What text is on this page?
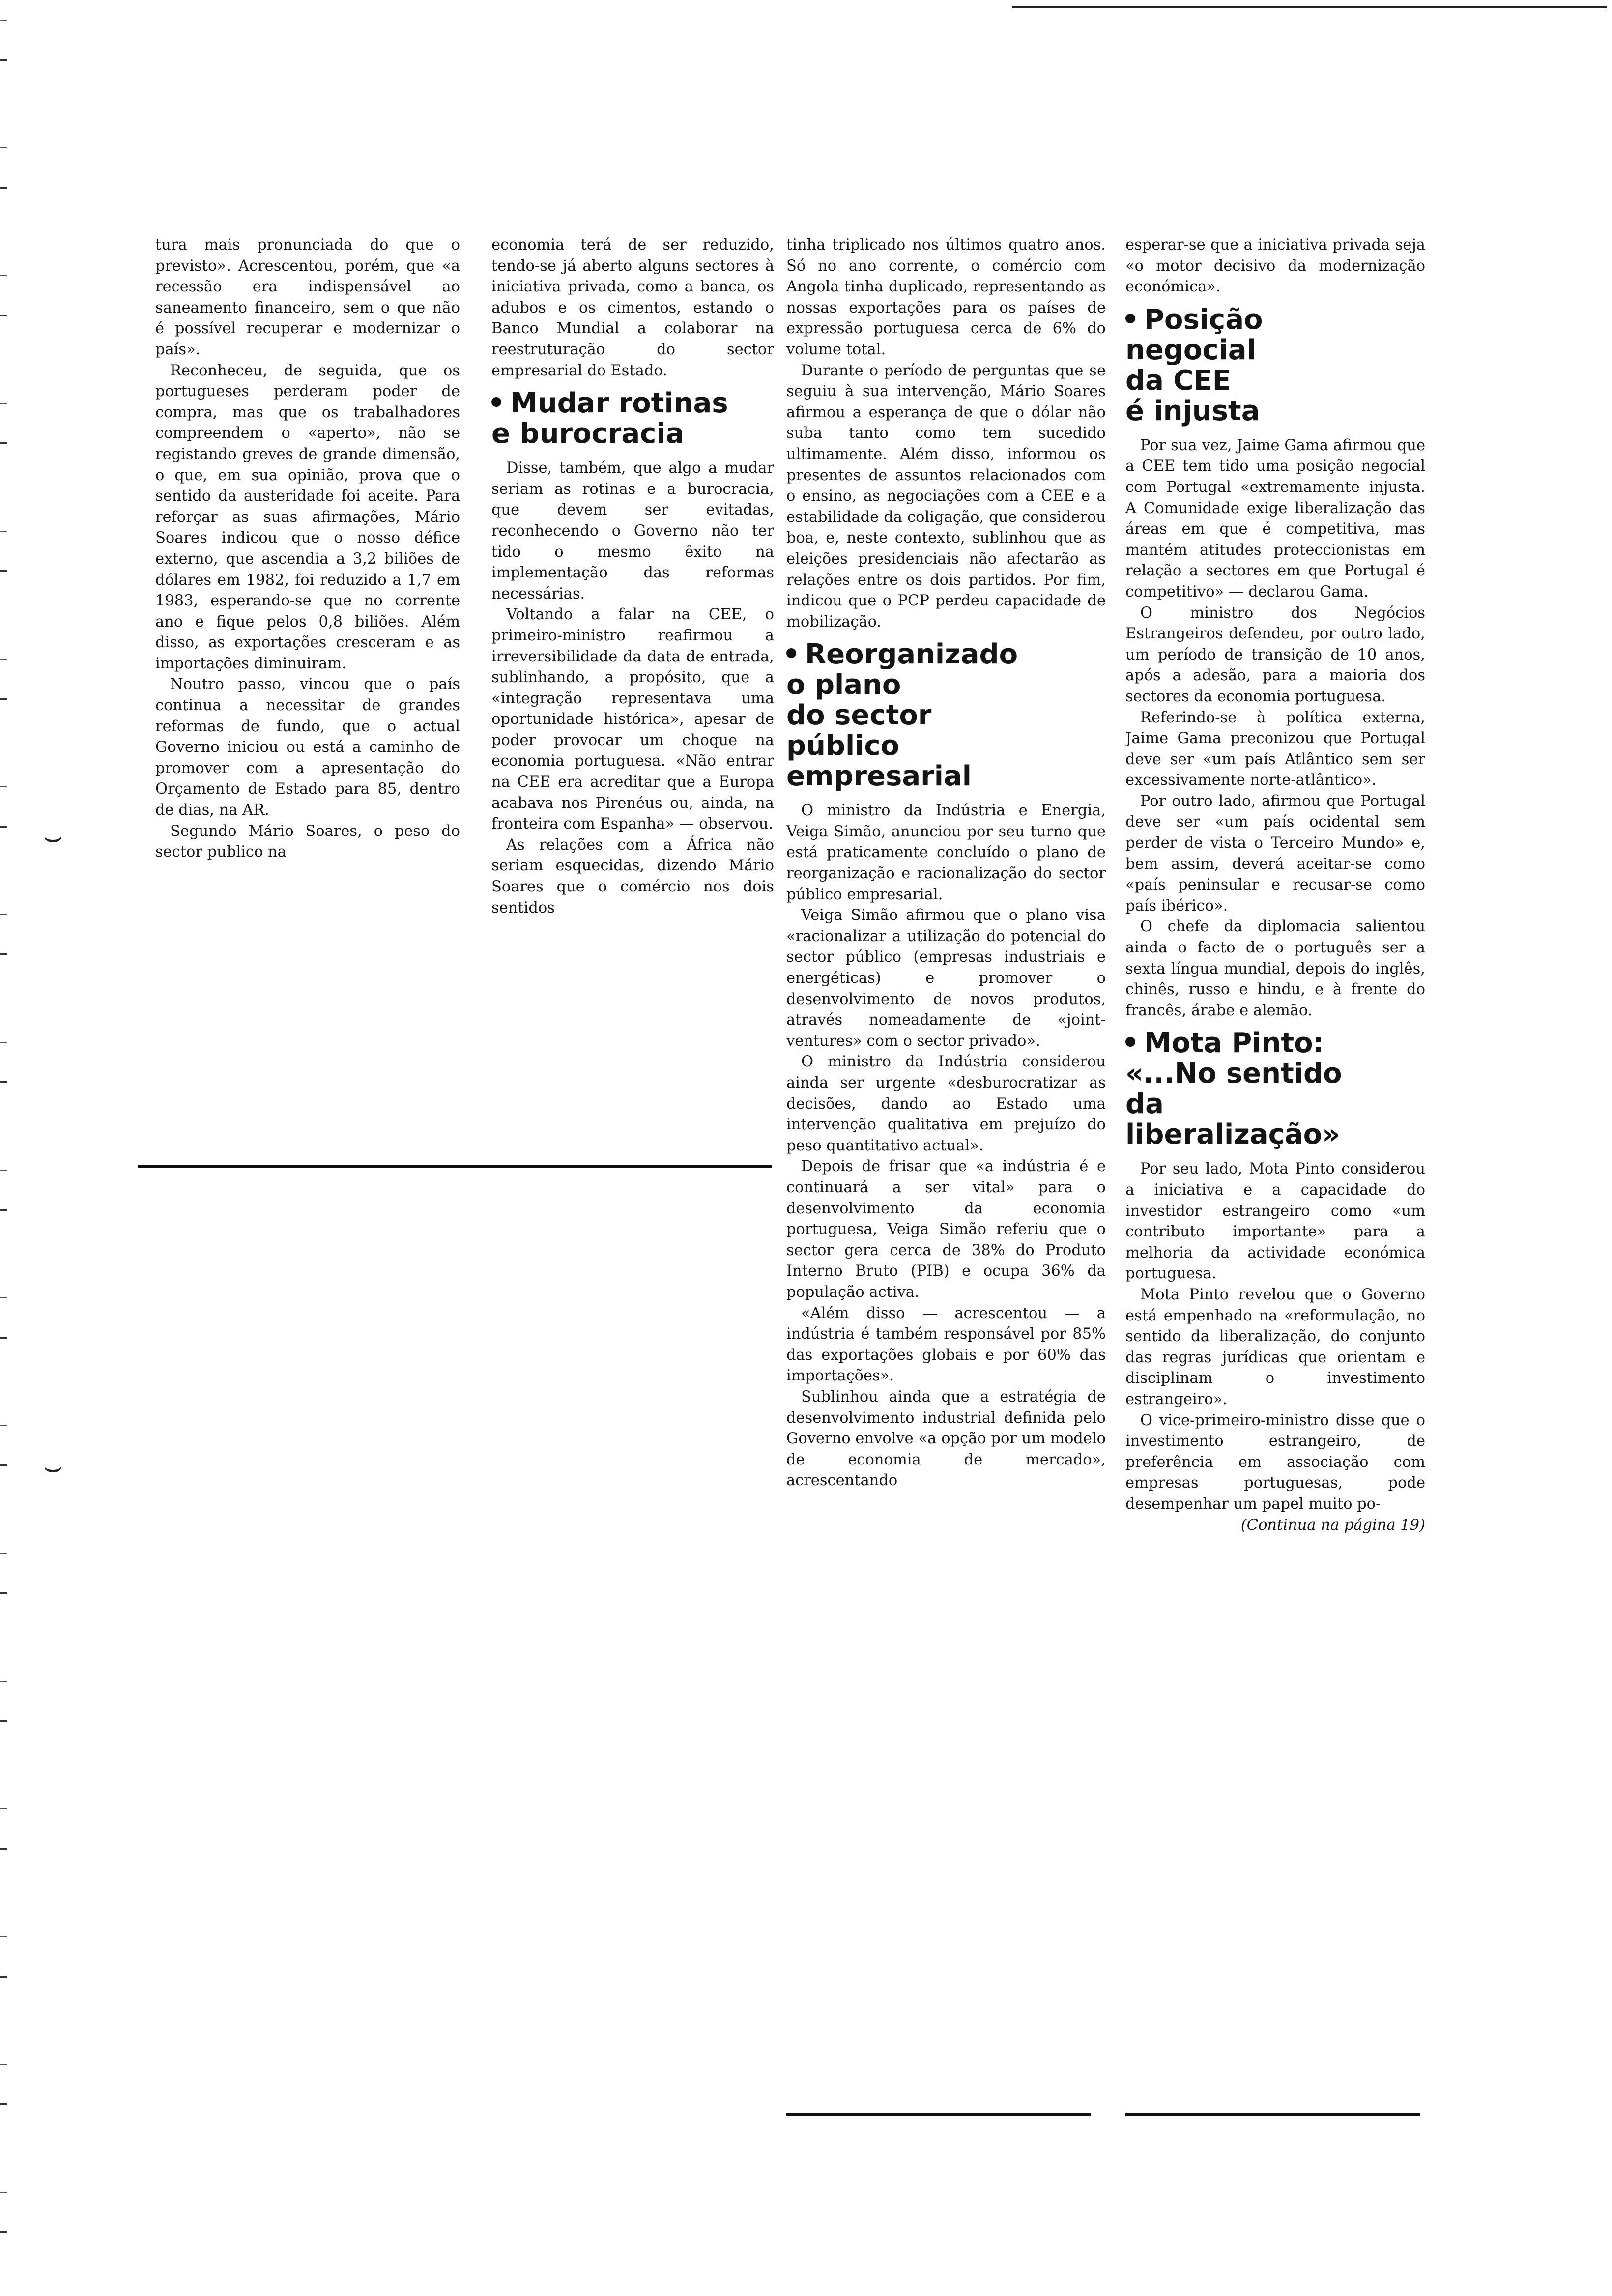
⌣
⌣

tura mais pronunciada do que o previsto». Acrescentou, porém, que «a recessão era indispensável ao saneamento financeiro, sem o que não é possível recuperar e modernizar o país».

Reconheceu, de seguida, que os portugueses perderam poder de compra, mas que os trabalhadores compreendem o «aperto», não se registando greves de grande dimensão, o que, em sua opinião, prova que o sentido da austeridade foi aceite. Para reforçar as suas afirmações, Mário Soares indicou que o nosso défice externo, que ascendia a 3,2 biliões de dólares em 1982, foi reduzido a 1,7 em 1983, esperando-se que no corrente ano e fique pelos 0,8 biliões. Além disso, as exportações cresceram e as importações diminuiram.

Noutro passo, vincou que o país continua a necessitar de grandes reformas de fundo, que o actual Governo iniciou ou está a caminho de promover com a apresentação do Orçamento de Estado para 85, dentro de dias, na AR.

Segundo Mário Soares, o peso do sector publico na

economia terá de ser reduzido, tendo-se já aberto alguns sectores à iniciativa privada, como a banca, os adubos e os cimentos, estando o Banco Mundial a colaborar na reestruturação do sector empresarial do Estado.

Mudar rotinas

e burocracia

Disse, também, que algo a mudar seriam as rotinas e a burocracia, que devem ser evitadas, reconhecendo o Governo não ter tido o mesmo êxito na implementação das reformas necessárias.

Voltando a falar na CEE, o primeiro-ministro reafirmou a irreversibilidade da data de entrada, sublinhando, a propósito, que a «integração representava uma oportunidade histórica», apesar de poder provocar um choque na economia portuguesa. «Não entrar na CEE era acreditar que a Europa acabava nos Pirenéus ou, ainda, na fronteira com Espanha» — observou.

As relações com a África não seriam esquecidas, dizendo Mário Soares que o comércio nos dois sentidos

tinha triplicado nos últimos quatro anos. Só no ano corrente, o comércio com Angola tinha duplicado, representando as nossas exportações para os países de expressão portuguesa cerca de 6% do volume total.

Durante o período de perguntas que se seguiu à sua intervenção, Mário Soares afirmou a esperança de que o dólar não suba tanto como tem sucedido ultimamente. Além disso, informou os presentes de assuntos relacionados com o ensino, as negociações com a CEE e a estabilidade da coligação, que considerou boa, e, neste contexto, sublinhou que as eleições presidenciais não afectarão as relações entre os dois partidos. Por fim, indicou que o PCP perdeu capacidade de mobilização.

Reorganizado

o plano
do sector
público
empresarial

O ministro da Indústria e Energia, Veiga Simão, anunciou por seu turno que está praticamente concluído o plano de reorganização e racionalização do sector público empresarial.

Veiga Simão afirmou que o plano visa «racionalizar a utilização do potencial do sector público (empresas industriais e energéticas) e promover o desenvolvimento de novos produtos, através nomeadamente de «joint-ventures» com o sector privado».

O ministro da Indústria considerou ainda ser urgente «desburocratizar as decisões, dando ao Estado uma intervenção qualitativa em prejuízo do peso quantitativo actual».

Depois de frisar que «a indústria é e continuará a ser vital» para o desenvolvimento da economia portuguesa, Veiga Simão referiu que o sector gera cerca de 38% do Produto Interno Bruto (PIB) e ocupa 36% da população activa.

«Além disso — acrescentou — a indústria é também responsável por 85% das exportações globais e por 60% das importações».

Sublinhou ainda que a estratégia de desenvolvimento industrial definida pelo Governo envolve «a opção por um modelo de economia de mercado», acrescentando

esperar-se que a iniciativa privada seja «o motor decisivo da modernização económica».

Posição

negocial
da CEE
é injusta

Por sua vez, Jaime Gama afirmou que a CEE tem tido uma posição negocial com Portugal «extremamente injusta. A Comunidade exige liberalização das áreas em que é competitiva, mas mantém atitudes proteccionistas em relação a sectores em que Portugal é competitivo» — declarou Gama.

O ministro dos Negócios Estrangeiros defendeu, por outro lado, um período de transição de 10 anos, após a adesão, para a maioria dos sectores da economia portuguesa.

Referindo-se à política externa, Jaime Gama preconizou que Portugal deve ser «um país Atlântico sem ser excessivamente norte-atlântico».

Por outro lado, afirmou que Portugal deve ser «um país ocidental sem perder de vista o Terceiro Mundo» e, bem assim, deverá aceitar-se como «país peninsular e recusar-se como país ibérico».

O chefe da diplomacia salientou ainda o facto de o português ser a sexta língua mundial, depois do inglês, chinês, russo e hindu, e à frente do francês, árabe e alemão.

Mota Pinto:

«...No sentido
da
liberalização»

Por seu lado, Mota Pinto considerou a iniciativa e a capacidade do investidor estrangeiro como «um contributo importante» para a melhoria da actividade económica portuguesa.

Mota Pinto revelou que o Governo está empenhado na «reformulação, no sentido da liberalização, do conjunto das regras jurídicas que orientam e disciplinam o investimento estrangeiro».

O vice-primeiro-ministro disse que o investimento estrangeiro, de preferência em associação com empresas portuguesas, pode desempenhar um papel muito po-

(Continua na página 19)
